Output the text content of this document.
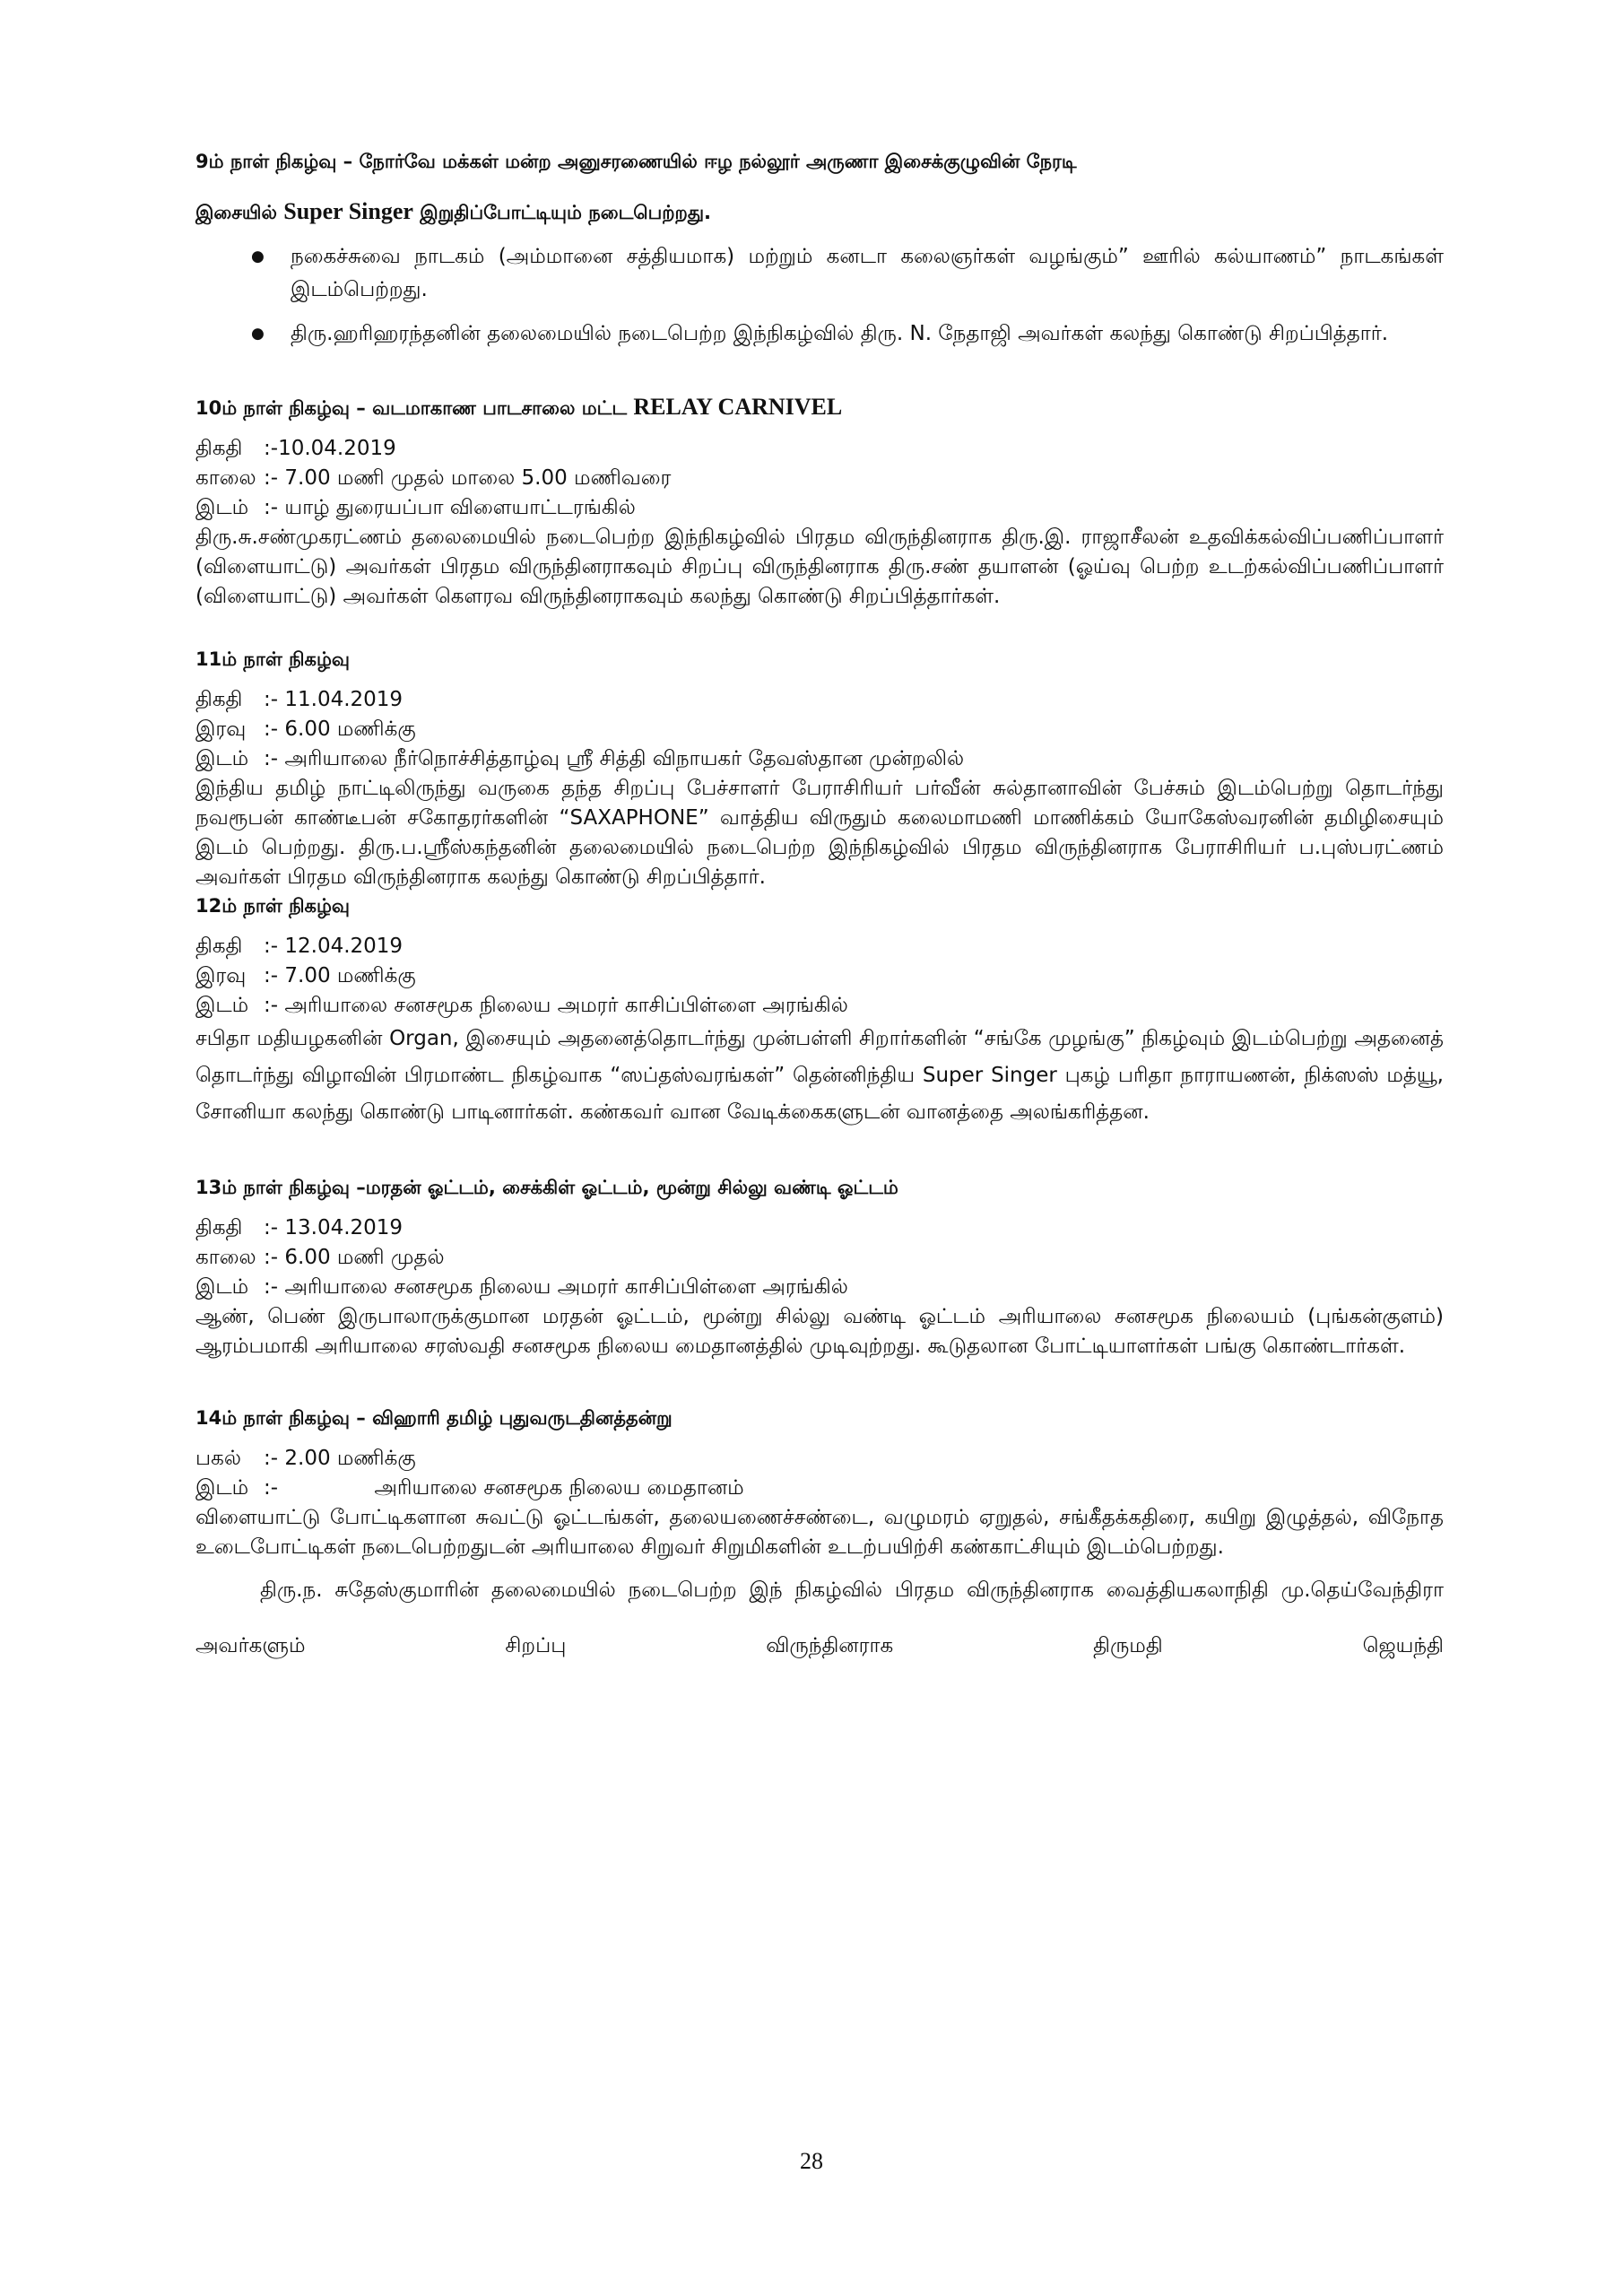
9ம் நாள் நிகழ்வு – நோர்வே மக்கள் மன்ற அனுசரணையில் ஈழ நல்லூர் அருணா இசைக்குழுவின் நேரடி

இசையில் Super Singer இறுதிப்போட்டியும் நடைபெற்றது.

● நகைச்சுவை நாடகம் (அம்மானை சத்தியமாக) மற்றும் கனடா கலைஞர்கள் வழங்கும்” ஊரில் கல்யாணம்” நாடகங்கள் இடம்பெற்றது.
● திரு.ஹரிஹரந்தனின் தலைமையில் நடைபெற்ற இந்நிகழ்வில் திரு. N. நேதாஜி அவர்கள் கலந்து கொண்டு சிறப்பித்தார்.

10ம் நாள் நிகழ்வு – வடமாகாண பாடசாலை மட்ட RELAY CARNIVEL

திகதி :-10.04.2019

காலை :- 7.00 மணி முதல் மாலை 5.00 மணிவரை

இடம் :- யாழ் துரையப்பா விளையாட்டரங்கில்

திரு.சு.சண்முகரட்ணம் தலைமையில் நடைபெற்ற இந்நிகழ்வில் பிரதம விருந்தினராக திரு.இ. ராஜாசீலன் உதவிக்கல்விப்பணிப்பாளர் (விளையாட்டு) அவர்கள் பிரதம விருந்தினராகவும் சிறப்பு விருந்தினராக திரு.சண் தயாளன் (ஓய்வு பெற்ற உடற்கல்விப்பணிப்பாளர் (விளையாட்டு) அவர்கள் கௌரவ விருந்தினராகவும் கலந்து கொண்டு சிறப்பித்தார்கள்.

11ம் நாள் நிகழ்வு

திகதி :- 11.04.2019

இரவு :- 6.00 மணிக்கு

இடம் :- அரியாலை நீர்நொச்சித்தாழ்வு ஸ்ரீ சித்தி விநாயகர் தேவஸ்தான முன்றலில்

இந்திய தமிழ் நாட்டிலிருந்து வருகை தந்த சிறப்பு பேச்சாளர் பேராசிரியர் பர்வீன் சுல்தானாவின் பேச்சும் இடம்பெற்று தொடர்ந்து நவரூபன் காண்டீபன் சகோதரர்களின் “SAXAPHONE” வாத்திய விருதும் கலைமாமணி மாணிக்கம் யோகேஸ்வரனின் தமிழிசையும் இடம் பெற்றது. திரு.ப.ஸ்ரீஸ்கந்தனின் தலைமையில் நடைபெற்ற இந்நிகழ்வில் பிரதம விருந்தினராக பேராசிரியர் ப.புஸ்பரட்ணம் அவர்கள் பிரதம விருந்தினராக கலந்து கொண்டு சிறப்பித்தார்.

12ம் நாள் நிகழ்வு

திகதி :- 12.04.2019

இரவு :- 7.00 மணிக்கு

இடம் :- அரியாலை சனசமூக நிலைய அமரர் காசிப்பிள்ளை அரங்கில்

சபிதா மதியழகனின் Organ, இசையும் அதனைத்தொடர்ந்து முன்பள்ளி சிறார்களின் “சங்கே முழங்கு” நிகழ்வும் இடம்பெற்று அதனைத் தொடர்ந்து விழாவின் பிரமாண்ட நிகழ்வாக “ஸப்தஸ்வரங்கள்” தென்னிந்திய Super Singer புகழ் பரிதா நாராயணன், நிக்ஸஸ் மத்யூ, சோனியா கலந்து கொண்டு பாடினார்கள். கண்கவர் வான வேடிக்கைகளுடன் வானத்தை அலங்கரித்தன.

13ம் நாள் நிகழ்வு –மரதன் ஓட்டம், சைக்கிள் ஓட்டம், மூன்று சில்லு வண்டி ஓட்டம்

திகதி :- 13.04.2019

காலை :- 6.00 மணி முதல்

இடம் :- அரியாலை சனசமூக நிலைய அமரர் காசிப்பிள்ளை அரங்கில்

ஆண், பெண் இருபாலாருக்குமான மரதன் ஓட்டம், மூன்று சில்லு வண்டி ஓட்டம் அரியாலை சனசமூக நிலையம் (புங்கன்குளம்) ஆரம்பமாகி அரியாலை சரஸ்வதி சனசமூக நிலைய மைதானத்தில் முடிவுற்றது. கூடுதலான போட்டியாளர்கள் பங்கு கொண்டார்கள்.

14ம் நாள் நிகழ்வு – விஹாரி தமிழ் புதுவருடதினத்தன்று

பகல் :- 2.00 மணிக்கு

இடம் :-	அரியாலை சனசமூக நிலைய மைதானம்

விளையாட்டு போட்டிகளான சுவட்டு ஓட்டங்கள், தலையணைச்சண்டை, வழுமரம் ஏறுதல், சங்கீதக்கதிரை, கயிறு இழுத்தல், விநோத உடைபோட்டிகள் நடைபெற்றதுடன் அரியாலை சிறுவர் சிறுமிகளின் உடற்பயிற்சி கண்காட்சியும் இடம்பெற்றது.

திரு.ந. சுதேஸ்குமாரின் தலைமையில் நடைபெற்ற இந் நிகழ்வில் பிரதம விருந்தினராக வைத்தியகலாநிதி மு.தெய்வேந்திரா அவர்களும் சிறப்பு விருந்தினராக திருமதி ஜெயந்தி

28
